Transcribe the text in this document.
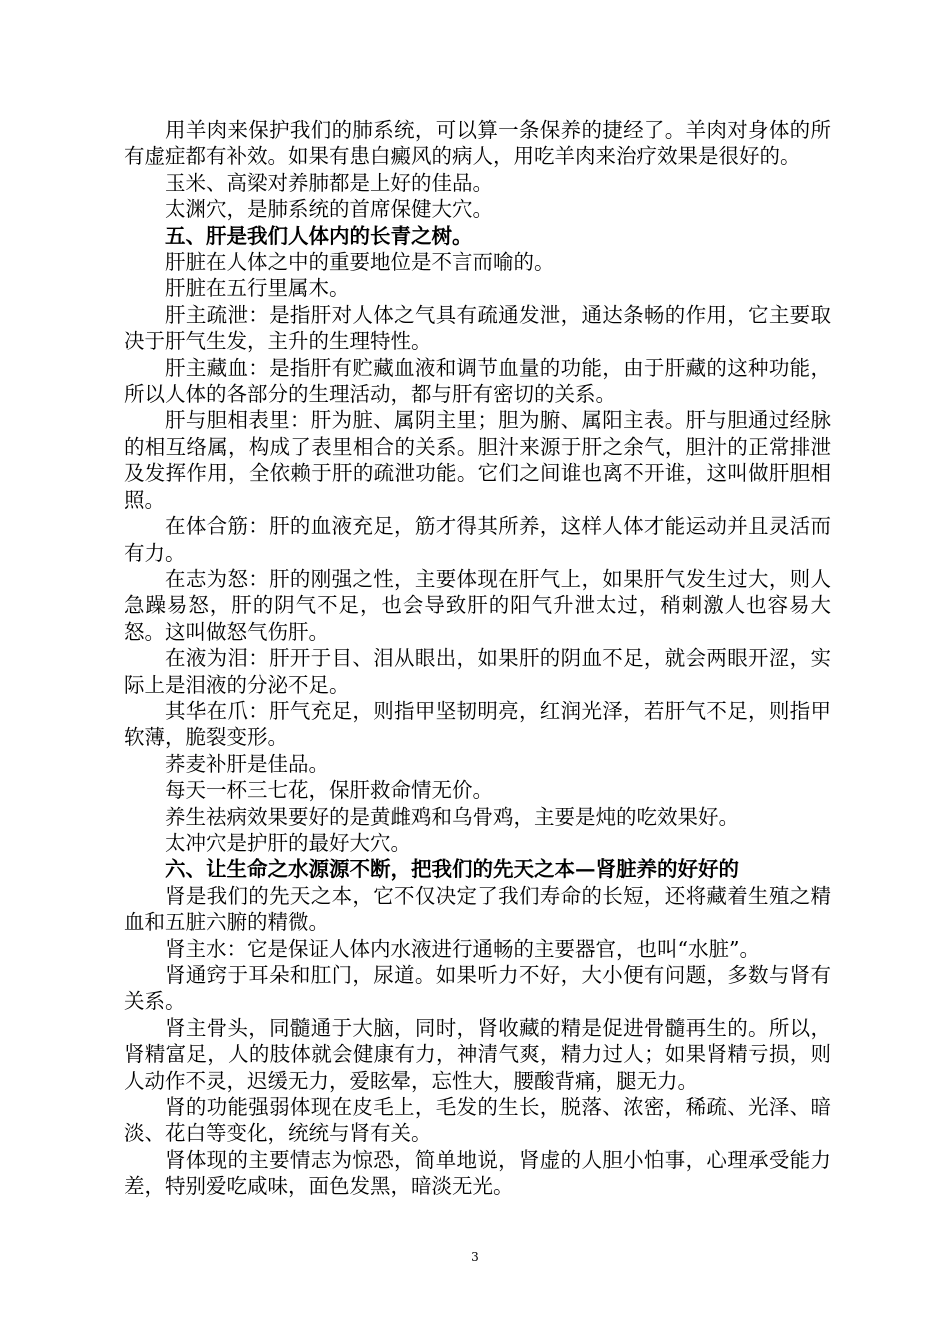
用羊肉来保护我们的肺系统，可以算一条保养的捷经了。羊肉对身体的所有虚症都有补效。如果有患白癜风的病人，用吃羊肉来治疗效果是很好的。

玉米、高梁对养肺都是上好的佳品。

太渊穴，是肺系统的首席保健大穴。

五、肝是我们人体内的长青之树。

肝脏在人体之中的重要地位是不言而喻的。

肝脏在五行里属木。

肝主疏泄：是指肝对人体之气具有疏通发泄，通达条畅的作用，它主要取决于肝气生发，主升的生理特性。

肝主藏血：是指肝有贮藏血液和调节血量的功能，由于肝藏的这种功能，所以人体的各部分的生理活动，都与肝有密切的关系。

肝与胆相表里：肝为脏、属阴主里；胆为腑、属阳主表。肝与胆通过经脉的相互络属，构成了表里相合的关系。胆汁来源于肝之余气，胆汁的正常排泄及发挥作用，全依赖于肝的疏泄功能。它们之间谁也离不开谁，这叫做肝胆相照。

在体合筋：肝的血液充足，筋才得其所养，这样人体才能运动并且灵活而有力。

在志为怒：肝的刚强之性，主要体现在肝气上，如果肝气发生过大，则人急躁易怒，肝的阴气不足，也会导致肝的阳气升泄太过，稍刺激人也容易大怒。这叫做怒气伤肝。

在液为泪：肝开于目、泪从眼出，如果肝的阴血不足，就会两眼开涩，实际上是泪液的分泌不足。

其华在爪：肝气充足，则指甲坚韧明亮，红润光泽，若肝气不足，则指甲软薄，脆裂变形。

荞麦补肝是佳品。

每天一杯三七花，保肝救命情无价。

养生祛病效果要好的是黄雌鸡和乌骨鸡，主要是炖的吃效果好。

太冲穴是护肝的最好大穴。

六、让生命之水源源不断，把我们的先天之本—肾脏养的好好的

肾是我们的先天之本，它不仅决定了我们寿命的长短，还将藏着生殖之精血和五脏六腑的精微。

肾主水：它是保证人体内水液进行通畅的主要器官，也叫“水脏”。

肾通窍于耳朵和肛门，尿道。如果听力不好，大小便有问题，多数与肾有关系。

肾主骨头，同髓通于大脑，同时，肾收藏的精是促进骨髓再生的。所以，肾精富足，人的肢体就会健康有力，神清气爽，精力过人；如果肾精亏损，则人动作不灵，迟缓无力，爱眩晕，忘性大，腰酸背痛，腿无力。

肾的功能强弱体现在皮毛上，毛发的生长，脱落、浓密，稀疏、光泽、暗淡、花白等变化，统统与肾有关。

肾体现的主要情志为惊恐，简单地说，肾虚的人胆小怕事，心理承受能力差，特别爱吃咸味，面色发黑，暗淡无光。

3
